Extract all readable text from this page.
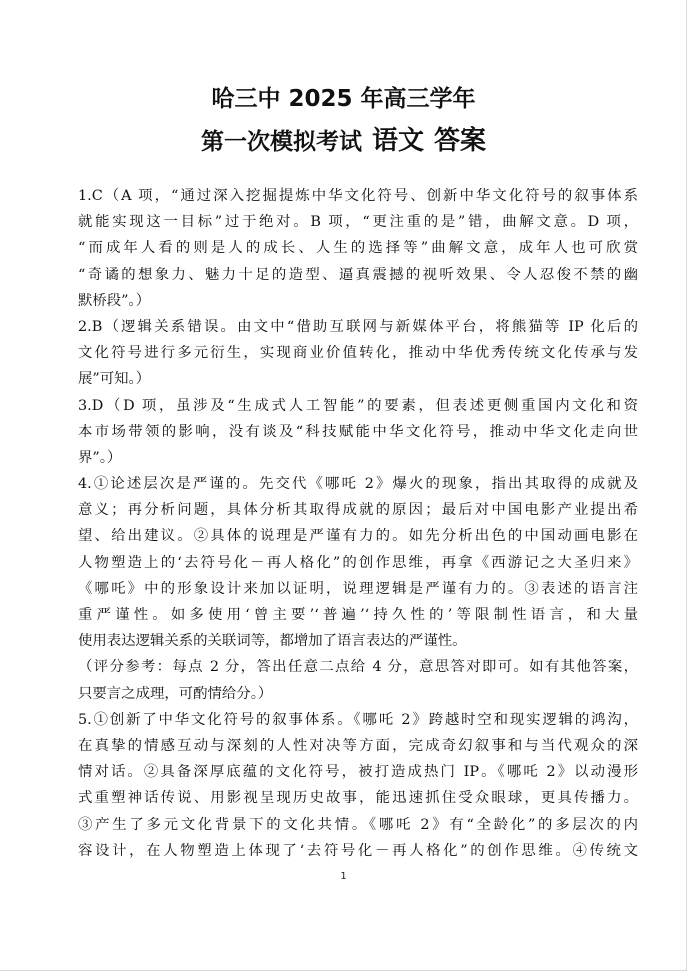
哈三中 2025 年高三学年
第一次模拟考试 语文 答案
1.C（A 项，“通过深入挖掘提炼中华文化符号、创新中华文化符号的叙事体系
就能实现这一目标”过于绝对。B 项，“更注重的是”错，曲解文意。D 项，
“而成年人看的则是人的成长、人生的选择等”曲解文意，成年人也可欣赏
“奇谲的想象力、魅力十足的造型、逼真震撼的视听效果、令人忍俊不禁的幽
默桥段”。）
2.B（逻辑关系错误。由文中“借助互联网与新媒体平台，将熊猫等 IP 化后的
文化符号进行多元衍生，实现商业价值转化，推动中华优秀传统文化传承与发
展”可知。）
3.D（D 项，虽涉及“生成式人工智能”的要素，但表述更侧重国内文化和资
本市场带领的影响，没有谈及“科技赋能中华文化符号，推动中华文化走向世
界”。）
4.①论述层次是严谨的。先交代《哪吒 2》爆火的现象，指出其取得的成就及
意义；再分析问题，具体分析其取得成就的原因；最后对中国电影产业提出希
望、给出建议。②具体的说理是严谨有力的。如先分析出色的中国动画电影在
人物塑造上的‘去符号化－再人格化”的创作思维，再拿《西游记之大圣归来》
《哪吒》中的形象设计来加以证明，说理逻辑是严谨有力的。③表述的语言注
重严谨性。如多使用‘曾主要’‘普遍’‘持久性的’等限制性语言，和大量
使用表达逻辑关系的关联词等，都增加了语言表达的严谨性。
（评分参考：每点 2 分，答出任意二点给 4 分，意思答对即可。如有其他答案，
只要言之成理，可酌情给分。）
5.①创新了中华文化符号的叙事体系。《哪吒 2》跨越时空和现实逻辑的鸿沟，
在真挚的情感互动与深刻的人性对决等方面，完成奇幻叙事和与当代观众的深
情对话。②具备深厚底蕴的文化符号，被打造成热门 IP。《哪吒 2》以动漫形
式重塑神话传说、用影视呈现历史故事，能迅速抓住受众眼球，更具传播力。
③产生了多元文化背景下的文化共情。《哪吒 2》有“全龄化”的多层次的内
容设计，在人物塑造上体现了‘去符号化－再人格化”的创作思维。④传统文
1
